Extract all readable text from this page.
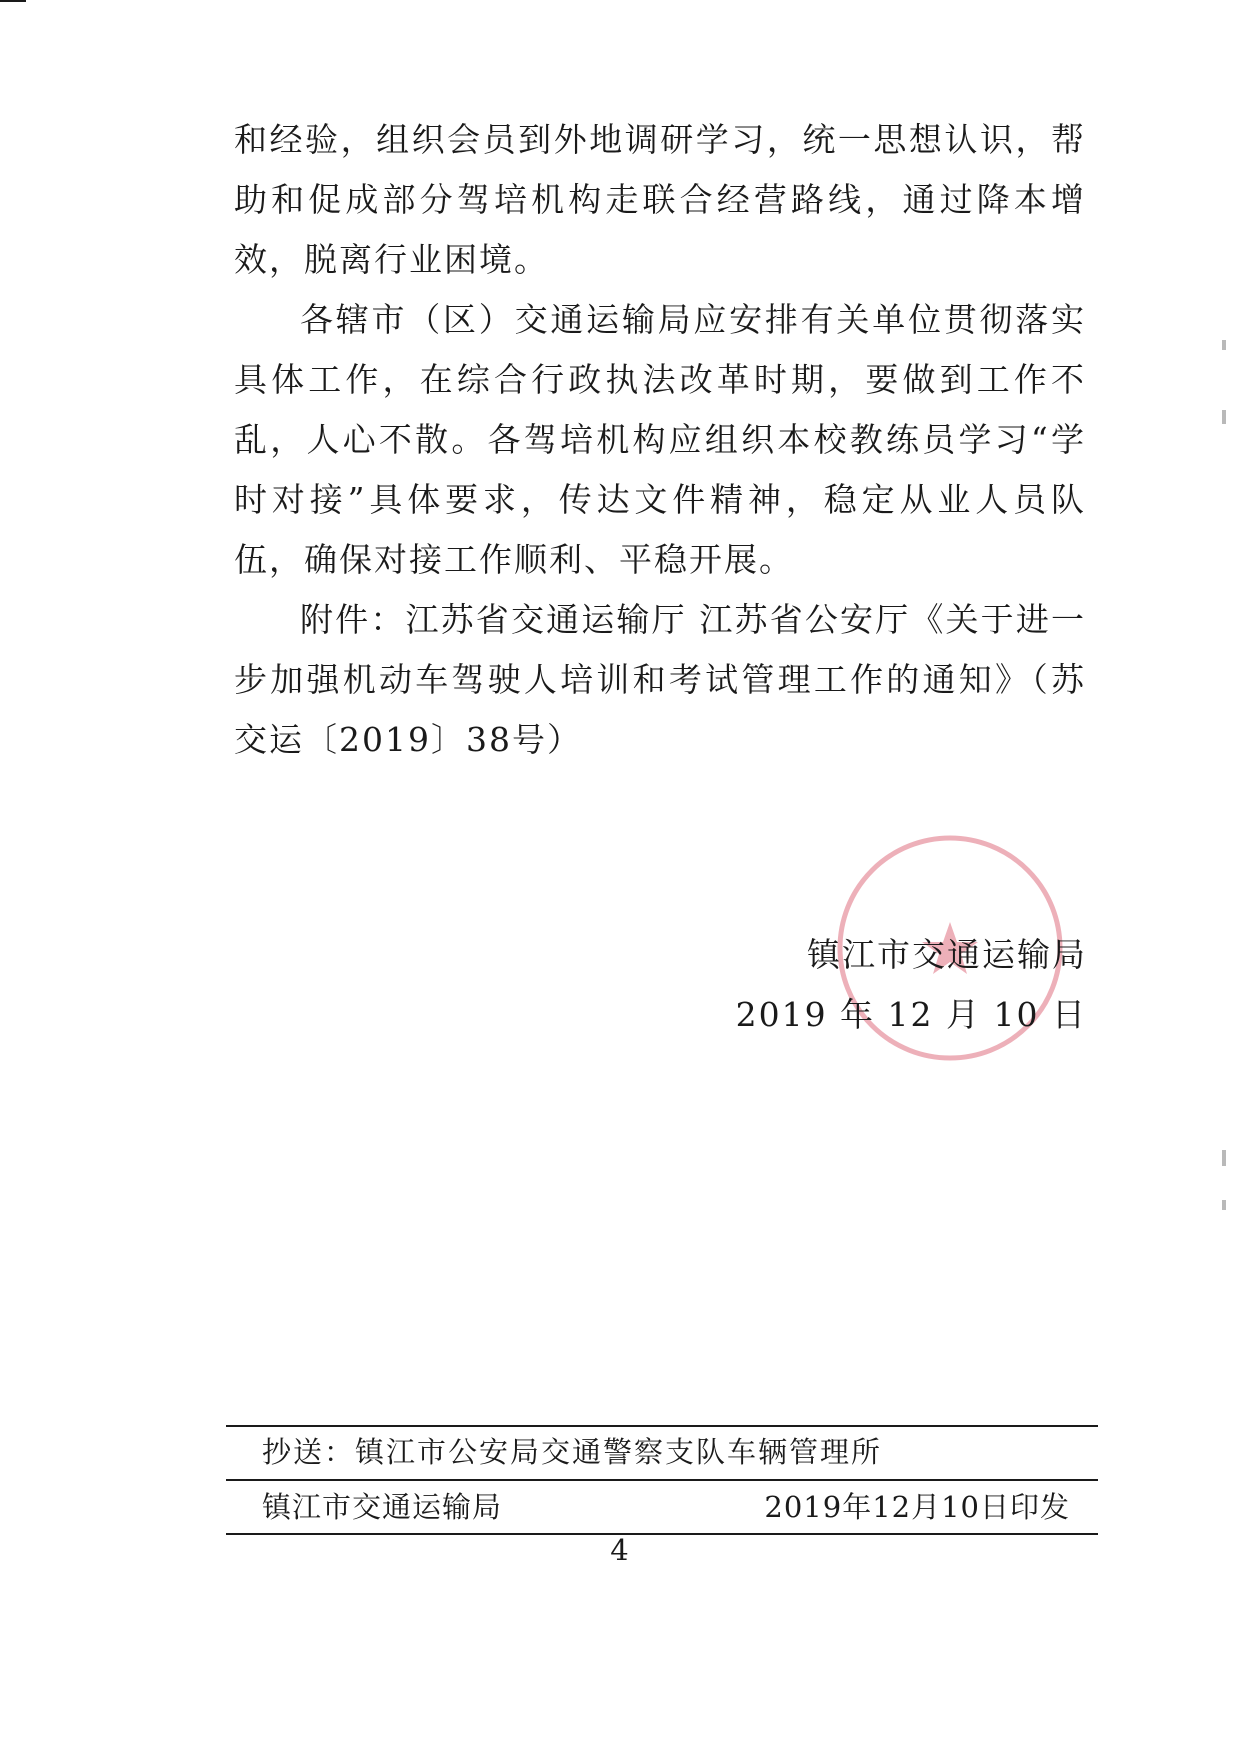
和经验，组织会员到外地调研学习，统一思想认识，帮助和促成部分驾培机构走联合经营路线，通过降本增效，脱离行业困境。

各辖市（区）交通运输局应安排有关单位贯彻落实具体工作，在综合行政执法改革时期，要做到工作不乱，人心不散。各驾培机构应组织本校教练员学习“学时对接”具体要求，传达文件精神，稳定从业人员队伍，确保对接工作顺利、平稳开展。

附件：江苏省交通运输厅 江苏省公安厅《关于进一步加强机动车驾驶人培训和考试管理工作的通知》（苏交运〔2019〕38号）

镇江市交通运输局
2019 年 12 月 10 日
抄送：镇江市公安局交通警察支队车辆管理所
镇江市交通运输局	2019年12月10日印发
4
